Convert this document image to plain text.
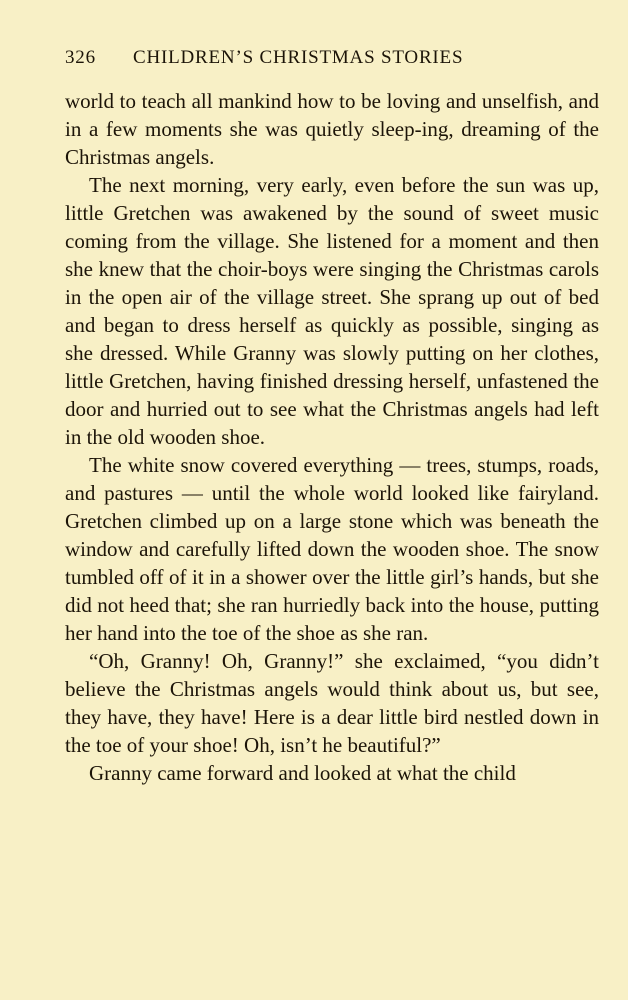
326	CHILDREN’S CHRISTMAS STORIES

world to teach all mankind how to be loving and unselfish, and in a few moments she was quietly sleep-ing, dreaming of the Christmas angels.

The next morning, very early, even before the sun was up, little Gretchen was awakened by the sound of sweet music coming from the village. She listened for a moment and then she knew that the choir-boys were singing the Christmas carols in the open air of the village street. She sprang up out of bed and began to dress herself as quickly as possible, singing as she dressed. While Granny was slowly putting on her clothes, little Gretchen, having finished dressing herself, unfastened the door and hurried out to see what the Christmas angels had left in the old wooden shoe.

The white snow covered everything — trees, stumps, roads, and pastures — until the whole world looked like fairyland. Gretchen climbed up on a large stone which was beneath the window and carefully lifted down the wooden shoe. The snow tumbled off of it in a shower over the little girl’s hands, but she did not heed that; she ran hurriedly back into the house, putting her hand into the toe of the shoe as she ran.

“Oh, Granny! Oh, Granny!” she exclaimed, “you didn’t believe the Christmas angels would think about us, but see, they have, they have! Here is a dear little bird nestled down in the toe of your shoe! Oh, isn’t he beautiful?”

Granny came forward and looked at what the child
